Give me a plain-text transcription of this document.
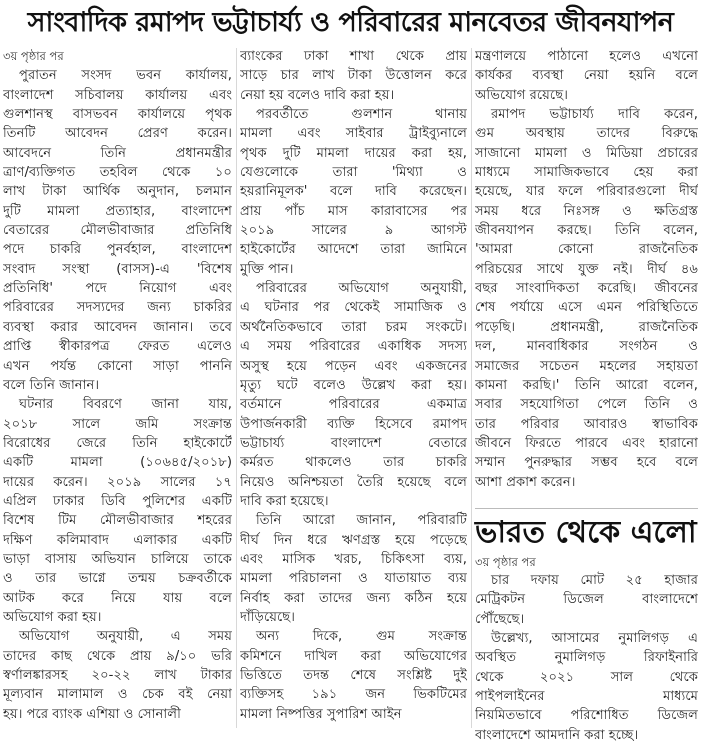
সাংবাদিক রমাপদ ভট্টাচার্য্য ও পরিবারের মানবেতর জীবনযাপন
৩য় পৃষ্ঠার পর
পুরাতন সংসদ ভবন কার্যালয়,
বাংলাদেশ সচিবালয় কার্যালয় এবং
গুলশানস্থ বাসভবন কার্যালয়ে পৃথক
তিনটি আবেদন প্রেরণ করেন।
আবেদনে তিনি প্রধানমন্ত্রীর
ত্রাণ/ব্যক্তিগত তহবিল থেকে ১০
লাখ টাকা আর্থিক অনুদান, চলমান
দুটি মামলা প্রত্যাহার, বাংলাদেশ
বেতারের মৌলভীবাজার প্রতিনিধি
পদে চাকরি পুনর্বহাল, বাংলাদেশ
সংবাদ সংস্থা (বাসস)-এ 'বিশেষ
প্রতিনিধি' পদে নিয়োগ এবং
পরিবারের সদস্যদের জন্য চাকরির
ব্যবস্থা করার আবেদন জানান। তবে
প্রাপ্তি স্বীকারপত্র ফেরত এলেও
এখন পর্যন্ত কোনো সাড়া পাননি
বলে তিনি জানান।
ঘটনার বিবরণে জানা যায়,
২০১৮ সালে জমি সংক্রান্ত
বিরোধের জেরে তিনি হাইকোর্টে
একটি মামলা (১০৬৪৫/২০১৮)
দায়ের করেন। ২০১৯ সালের ১৭
এপ্রিল ঢাকার ডিবি পুলিশের একটি
বিশেষ টিম মৌলভীবাজার শহরের
দক্ষিণ কলিমাবাদ এলাকার একটি
ভাড়া বাসায় অভিযান চালিয়ে তাকে
ও তার ভাগ্নে তন্ময় চক্রবর্তীকে
আটক করে নিয়ে যায় বলে
অভিযোগ করা হয়।
অভিযোগ অনুযায়ী, এ সময়
তাদের কাছ থেকে প্রায় ৯/১০ ভরি
স্বর্ণালঙ্কারসহ ২০-২২ লাখ টাকার
মূল্যবান মালামাল ও চেক বই নেয়া
হয়। পরে ব্যাংক এশিয়া ও সোনালী
ব্যাংকের ঢাকা শাখা থেকে প্রায়
সাড়ে চার লাখ টাকা উত্তোলন করে
নেয়া হয় বলেও দাবি করা হয়।
পরবর্তীতে গুলশান থানায়
মামলা এবং সাইবার ট্রাইব্যুনালে
পৃথক দুটি মামলা দায়ের করা হয়,
যেগুলোকে তারা 'মিথ্যা ও
হয়রানিমূলক' বলে দাবি করেছেন।
প্রায় পাঁচ মাস কারাবাসের পর
২০১৯ সালের ৯ আগস্ট
হাইকোর্টের আদেশে তারা জামিনে
মুক্তি পান।
পরিবারের অভিযোগ অনুযায়ী,
এ ঘটনার পর থেকেই সামাজিক ও
অর্থনৈতিকভাবে তারা চরম সংকটে।
এ সময় পরিবারের একাধিক সদস্য
অসুস্থ হয়ে পড়েন এবং একজনের
মৃত্যু ঘটে বলেও উল্লেখ করা হয়।
বর্তমানে পরিবারের একমাত্র
উপার্জনকারী ব্যক্তি হিসেবে রমাপদ
ভট্টাচার্য্য বাংলাদেশ বেতারে
কর্মরত থাকলেও তার চাকরি
নিয়েও অনিশ্চয়তা তৈরি হয়েছে বলে
দাবি করা হয়েছে।
তিনি আরো জানান, পরিবারটি
দীর্ঘ দিন ধরে ঋণগ্রস্ত হয়ে পড়েছে
এবং মাসিক খরচ, চিকিৎসা ব্যয়,
মামলা পরিচালনা ও যাতায়াত ব্যয়
নির্বাহ করা তাদের জন্য কঠিন হয়ে
দাঁড়িয়েছে।
অন্য দিকে, গুম সংক্রান্ত
কমিশনে দাখিল করা অভিযোগের
ভিত্তিতে তদন্ত শেষে সংশ্লিষ্ট দুই
ব্যক্তিসহ ১৯১ জন ভিকটিমের
মামলা নিষ্পত্তির সুপারিশ আইন
মন্ত্রণালয়ে পাঠানো হলেও এখনো
কার্যকর ব্যবস্থা নেয়া হয়নি বলে
অভিযোগ রয়েছে।
রমাপদ ভট্টাচার্য্য দাবি করেন,
গুম অবস্থায় তাদের বিরুদ্ধে
সাজানো মামলা ও মিডিয়া প্রচারের
মাধ্যমে সামাজিকভাবে হেয় করা
হয়েছে, যার ফলে পরিবারগুলো দীর্ঘ
সময় ধরে নিঃসঙ্গ ও ক্ষতিগ্রস্ত
জীবনযাপন করছে। তিনি বলেন,
'আমরা কোনো রাজনৈতিক
পরিচয়ের সাথে যুক্ত নই। দীর্ঘ ৪৬
বছর সাংবাদিকতা করেছি। জীবনের
শেষ পর্যায়ে এসে এমন পরিস্থিতিতে
পড়েছি। প্রধানমন্ত্রী, রাজনৈতিক
দল, মানবাধিকার সংগঠন ও
সমাজের সচেতন মহলের সহায়তা
কামনা করছি।' তিনি আরো বলেন,
সবার সহযোগিতা পেলে তিনি ও
তার পরিবার আবারও স্বাভাবিক
জীবনে ফিরতে পারবে এবং হারানো
সম্মান পুনরুদ্ধার সম্ভব হবে বলে
আশা প্রকাশ করেন।
ভারত থেকে এলো
৩য় পৃষ্ঠার পর
চার দফায় মোট ২৫ হাজার
মেট্রিকটন ডিজেল বাংলাদেশে
পৌঁছেছে।
উল্লেখ্য, আসামের নুমালিগড় এ
অবস্থিত নুমালিগড় রিফাইনারি
থেকে ২০২১ সাল থেকে
পাইপলাইনের মাধ্যমে
নিয়মিতভাবে পরিশোধিত ডিজেল
বাংলাদেশে আমদানি করা হচ্ছে।
